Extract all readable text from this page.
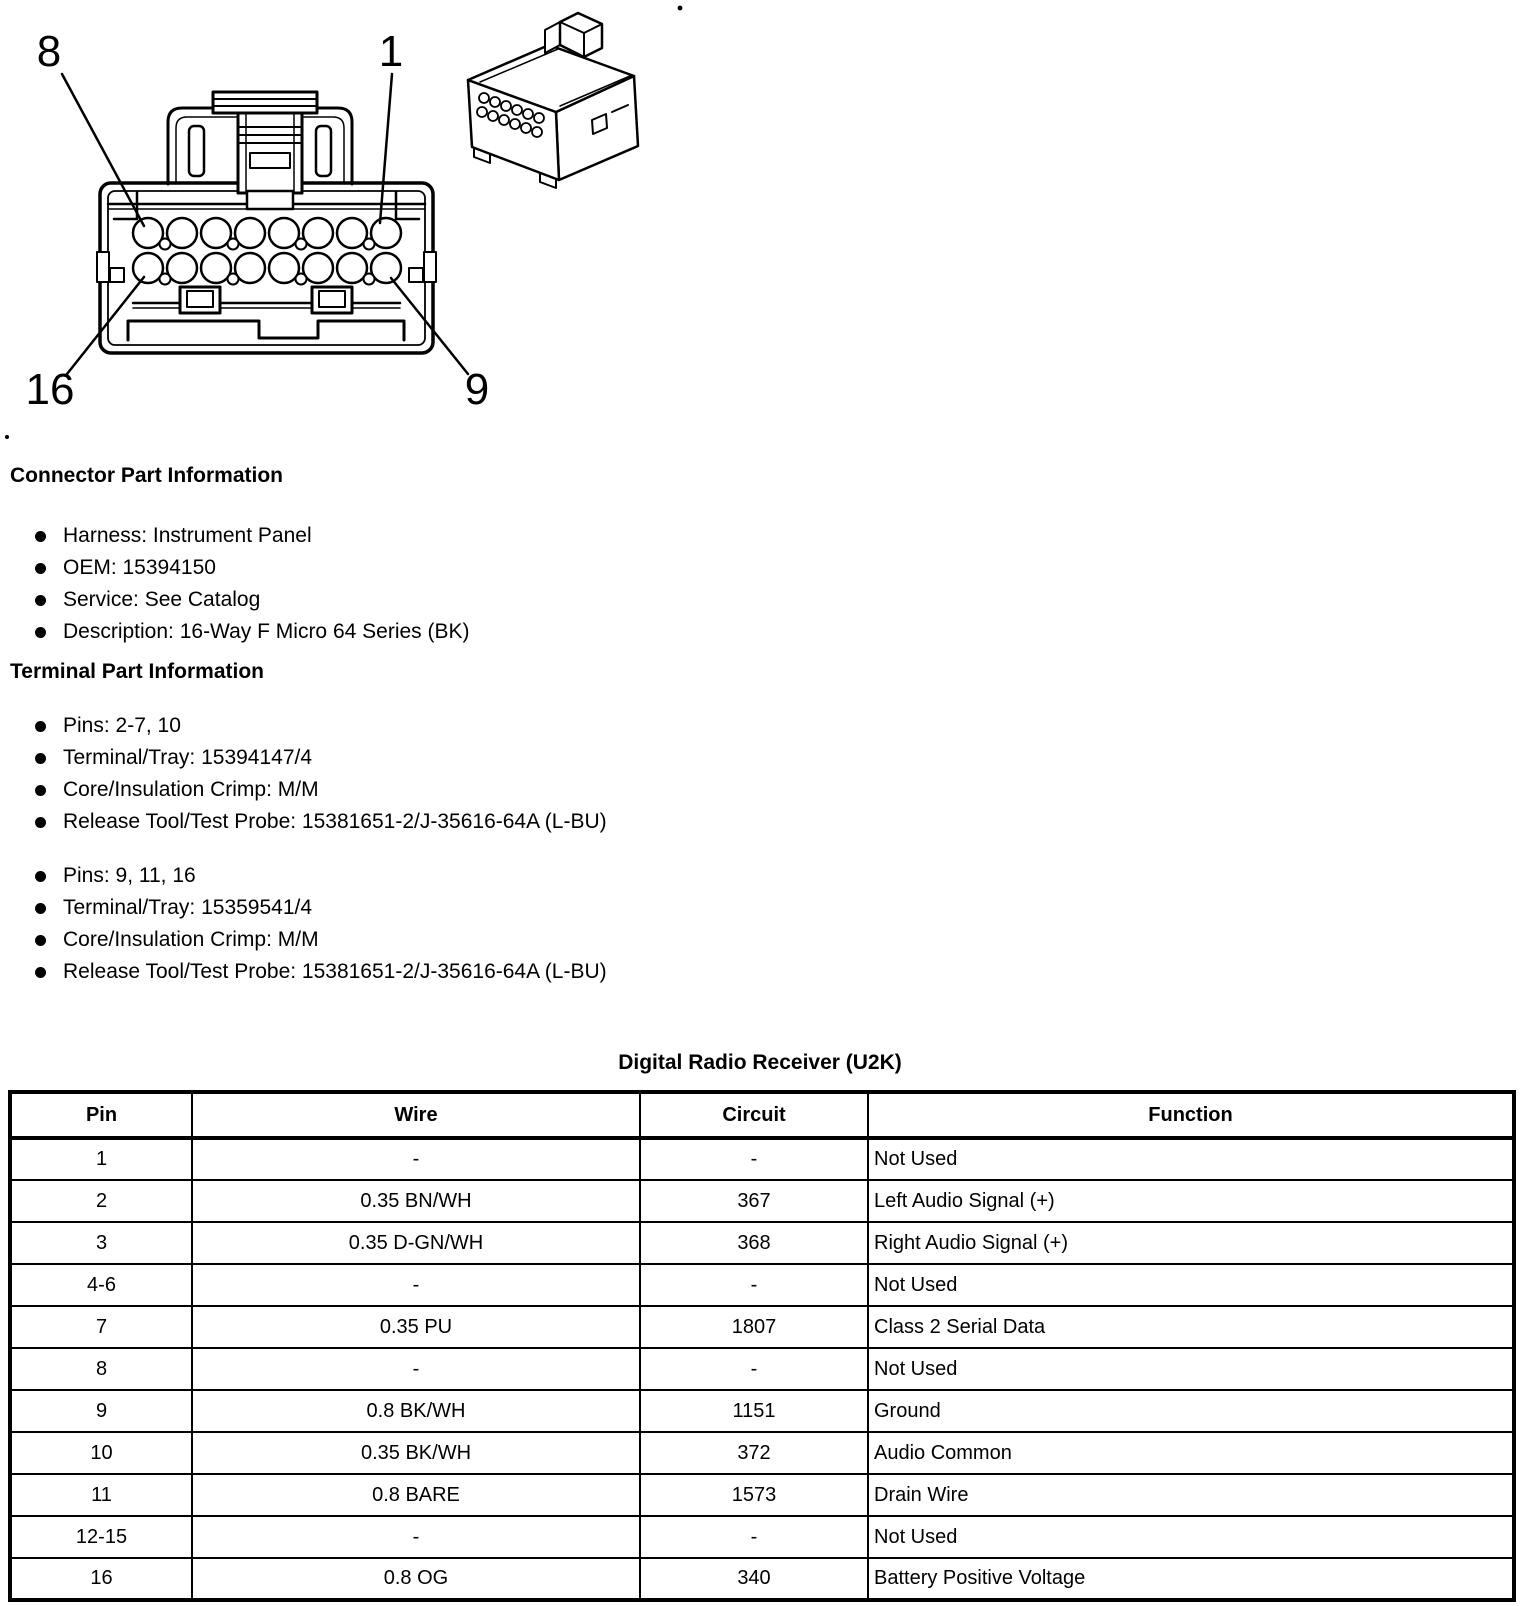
8	1
16	9
Connector Part Information
Harness: Instrument Panel
OEM: 15394150
Service: See Catalog
Description: 16-Way F Micro 64 Series (BK)
Terminal Part Information
Pins: 2-7, 10
Terminal/Tray: 15394147/4
Core/Insulation Crimp: M/M
Release Tool/Test Probe: 15381651-2/J-35616-64A (L-BU)
Pins: 9, 11, 16
Terminal/Tray: 15359541/4
Core/Insulation Crimp: M/M
Release Tool/Test Probe: 15381651-2/J-35616-64A (L-BU)
Digital Radio Receiver (U2K)
Pin	Wire	Circuit	Function
1	-	-	Not Used
2	0.35 BN/WH	367	Left Audio Signal (+)
3	0.35 D-GN/WH	368	Right Audio Signal (+)
4-6	-	-	Not Used
7	0.35 PU	1807	Class 2 Serial Data
8	-	-	Not Used
9	0.8 BK/WH	1151	Ground
10	0.35 BK/WH	372	Audio Common
11	0.8 BARE	1573	Drain Wire
12-15	-	-	Not Used
16	0.8 OG	340	Battery Positive Voltage
